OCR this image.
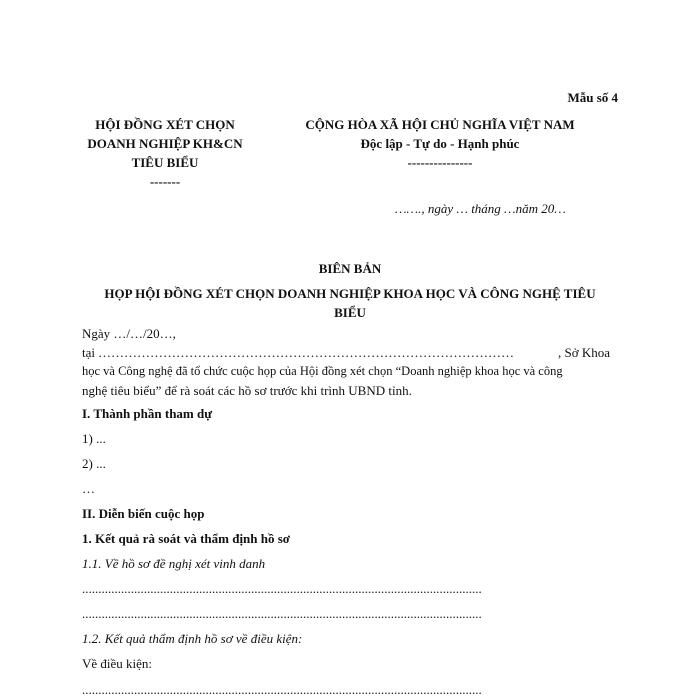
Mẫu số 4
HỘI ĐỒNG XÉT CHỌN
DOANH NGHIỆP KH&CN
TIÊU BIỂU
-------
CỘNG HÒA XÃ HỘI CHỦ NGHĨA VIỆT NAM
Độc lập - Tự do - Hạnh phúc
---------------
……., ngày … tháng …năm 20…
BIÊN BẢN
HỌP HỘI ĐỒNG XÉT CHỌN DOANH NGHIỆP KHOA HỌC VÀ CÔNG NGHỆ TIÊU
BIỂU
Ngày …/…/20…,
tại ……………………………………………………………………………………	, Sở Khoa
học và Công nghệ đã tổ chức cuộc họp của Hội đồng xét chọn “Doanh nghiệp khoa học và công
nghệ tiêu biểu” để rà soát các hồ sơ trước khi trình UBND tỉnh.
I. Thành phần tham dự
1) ...
2) ...
…
II. Diễn biến cuộc họp
1. Kết quả rà soát và thẩm định hồ sơ
1.1. Về hồ sơ đề nghị xét vinh danh
...........................................................................................................................
...........................................................................................................................
1.2. Kết quả thẩm định hồ sơ về điều kiện:
Về điều kiện:
...........................................................................................................................
